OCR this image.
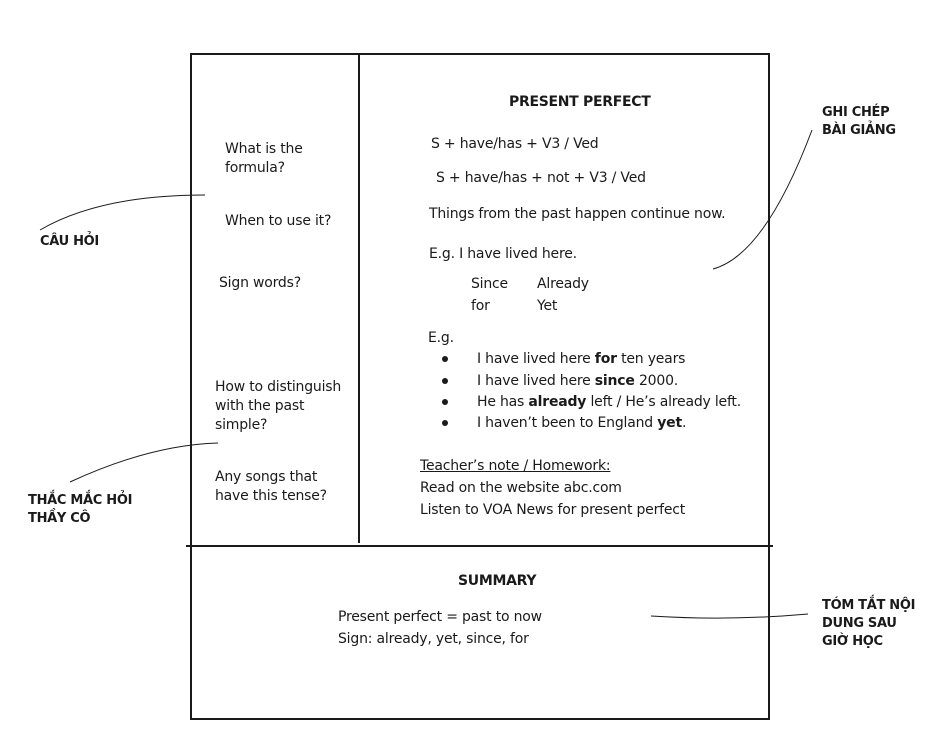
What is the formula?
When to use it?
Sign words?
How to distinguish with the past simple?
Any songs that have this tense?
PRESENT PERFECT
S + have/has + V3 / Ved
S + have/has + not + V3 / Ved
Things from the past happen continue now.
E.g. I have lived here.
Since Already
for	Yet
E.g.
I have lived here for ten years
I have lived here since 2000.
He has already left / He’s already left.
I haven’t been to England yet.
Teacher’s note / Homework:
Read on the website abc.com
Listen to VOA News for present perfect
SUMMARY
Present perfect = past to now
Sign: already, yet, since, for
CÂU HỎI
THẮC MẮC HỎI THẦY CÔ
GHI CHÉP BÀI GIẢNG
TÓM TẮT NỘI DUNG SAU GIỜ HỌC
